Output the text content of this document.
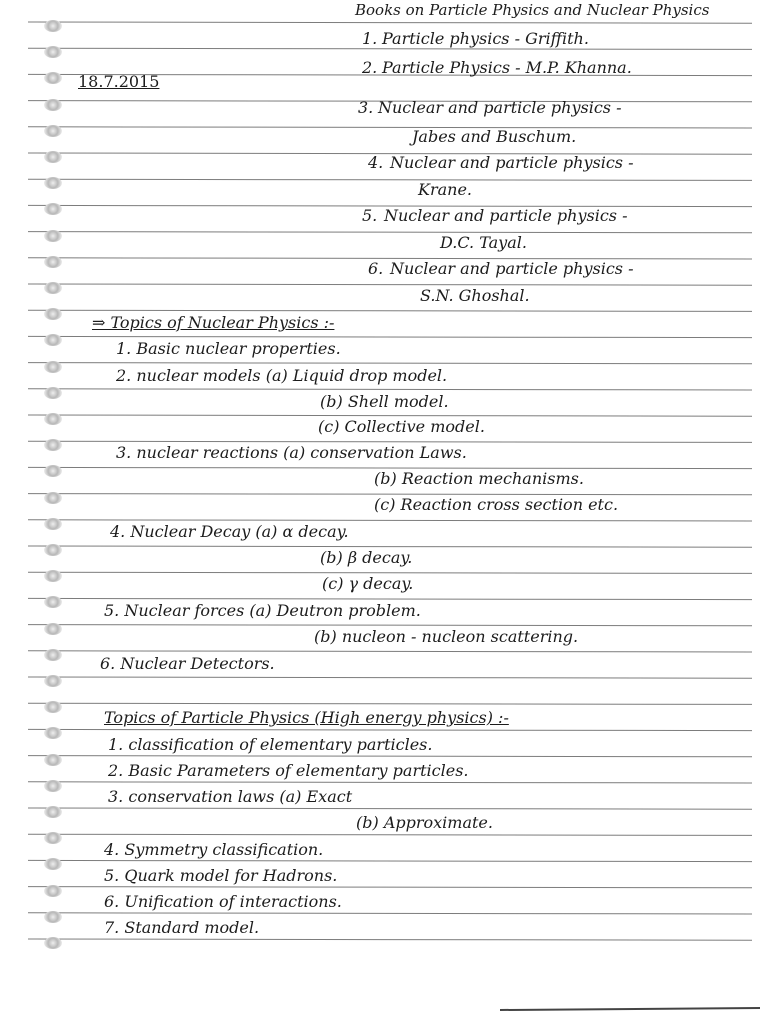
Books on Particle Physics and Nuclear Physics
18.7.2015
1. Particle physics - Griffith.
2. Particle Physics - M.P. Khanna.
3. Nuclear and particle physics -
Jabes and Buschum.
4. Nuclear and particle physics -
Krane.
5. Nuclear and particle physics -
D.C. Tayal.
6. Nuclear and particle physics -
S.N. Ghoshal.
⇒ Topics of Nuclear Physics :-
1. Basic nuclear properties.
2. nuclear models (a) Liquid drop model.
(b) Shell model.
(c) Collective model.
3. nuclear reactions (a) conservation Laws.
(b) Reaction mechanisms.
(c) Reaction cross section etc.
4. Nuclear Decay (a) α decay.
(b) β decay.
(c) γ decay.
5. Nuclear forces (a) Deutron problem.
(b) nucleon - nucleon scattering.
6. Nuclear Detectors.
Topics of Particle Physics (High energy physics) :-
1. classification of elementary particles.
2. Basic Parameters of elementary particles.
3. conservation laws (a) Exact
(b) Approximate.
4. Symmetry classification.
5. Quark model for Hadrons.
6. Unification of interactions.
7. Standard model.
